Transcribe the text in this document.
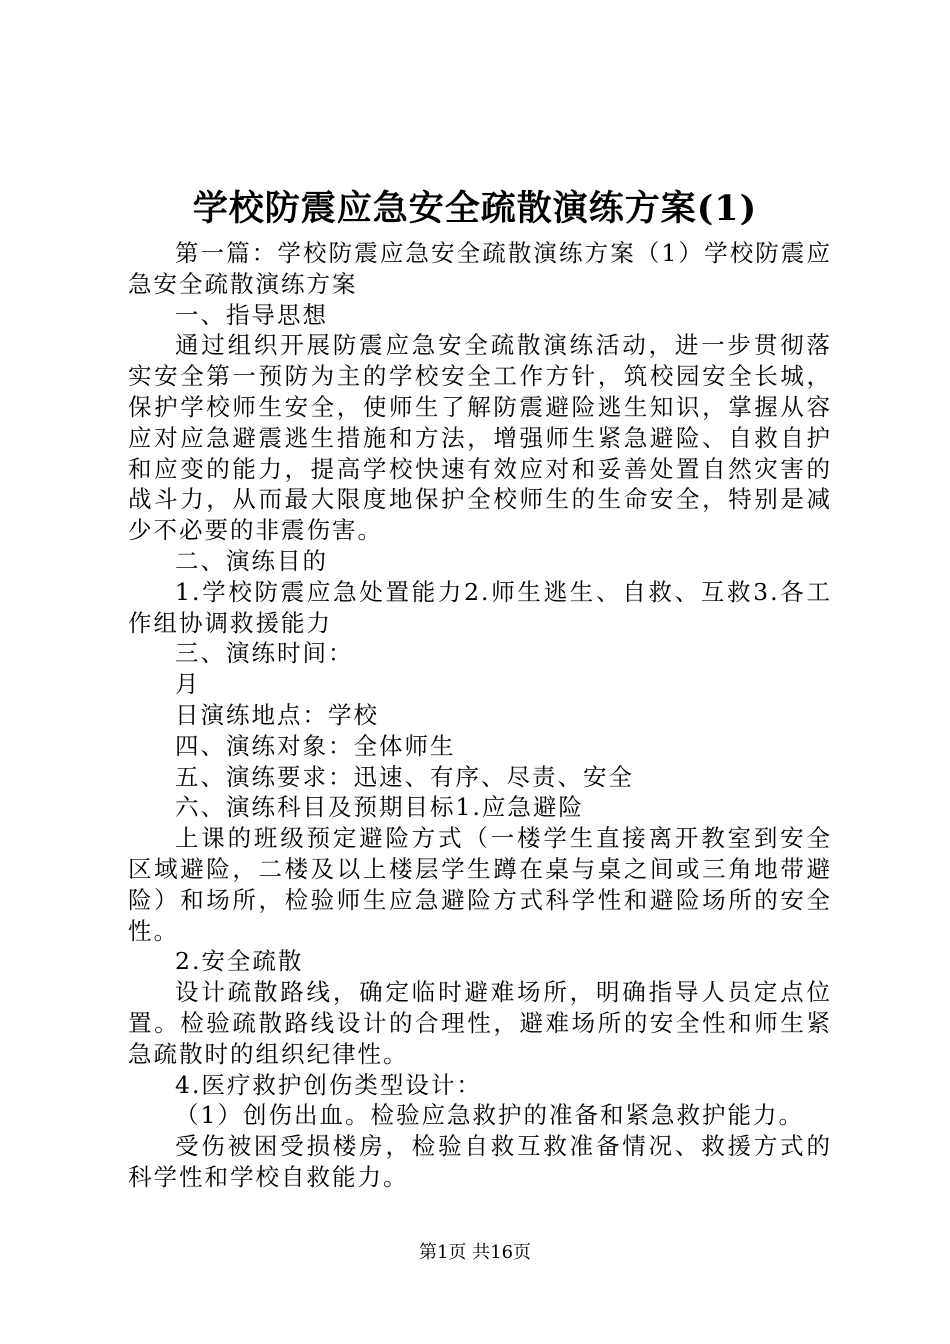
学校防震应急安全疏散演练方案(1)

第一篇：学校防震应急安全疏散演练方案（1）学校防震应急安全疏散演练方案

一、指导思想

通过组织开展防震应急安全疏散演练活动，进一步贯彻落实安全第一预防为主的学校安全工作方针，筑校园安全长城，保护学校师生安全，使师生了解防震避险逃生知识，掌握从容应对应急避震逃生措施和方法，增强师生紧急避险、自救自护和应变的能力，提高学校快速有效应对和妥善处置自然灾害的战斗力，从而最大限度地保护全校师生的生命安全，特别是减少不必要的非震伤害。

二、演练目的

1.学校防震应急处置能力2.师生逃生、自救、互救3.各工作组协调救援能力

三、演练时间：

月

日演练地点：学校

四、演练对象：全体师生

五、演练要求：迅速、有序、尽责、安全

六、演练科目及预期目标1.应急避险

上课的班级预定避险方式（一楼学生直接离开教室到安全区域避险，二楼及以上楼层学生蹲在桌与桌之间或三角地带避险）和场所，检验师生应急避险方式科学性和避险场所的安全性。

2.安全疏散

设计疏散路线，确定临时避难场所，明确指导人员定点位置。检验疏散路线设计的合理性，避难场所的安全性和师生紧急疏散时的组织纪律性。

4.医疗救护创伤类型设计：

（1）创伤出血。检验应急救护的准备和紧急救护能力。

受伤被困受损楼房，检验自救互救准备情况、救援方式的科学性和学校自救能力。

第1页 共16页
